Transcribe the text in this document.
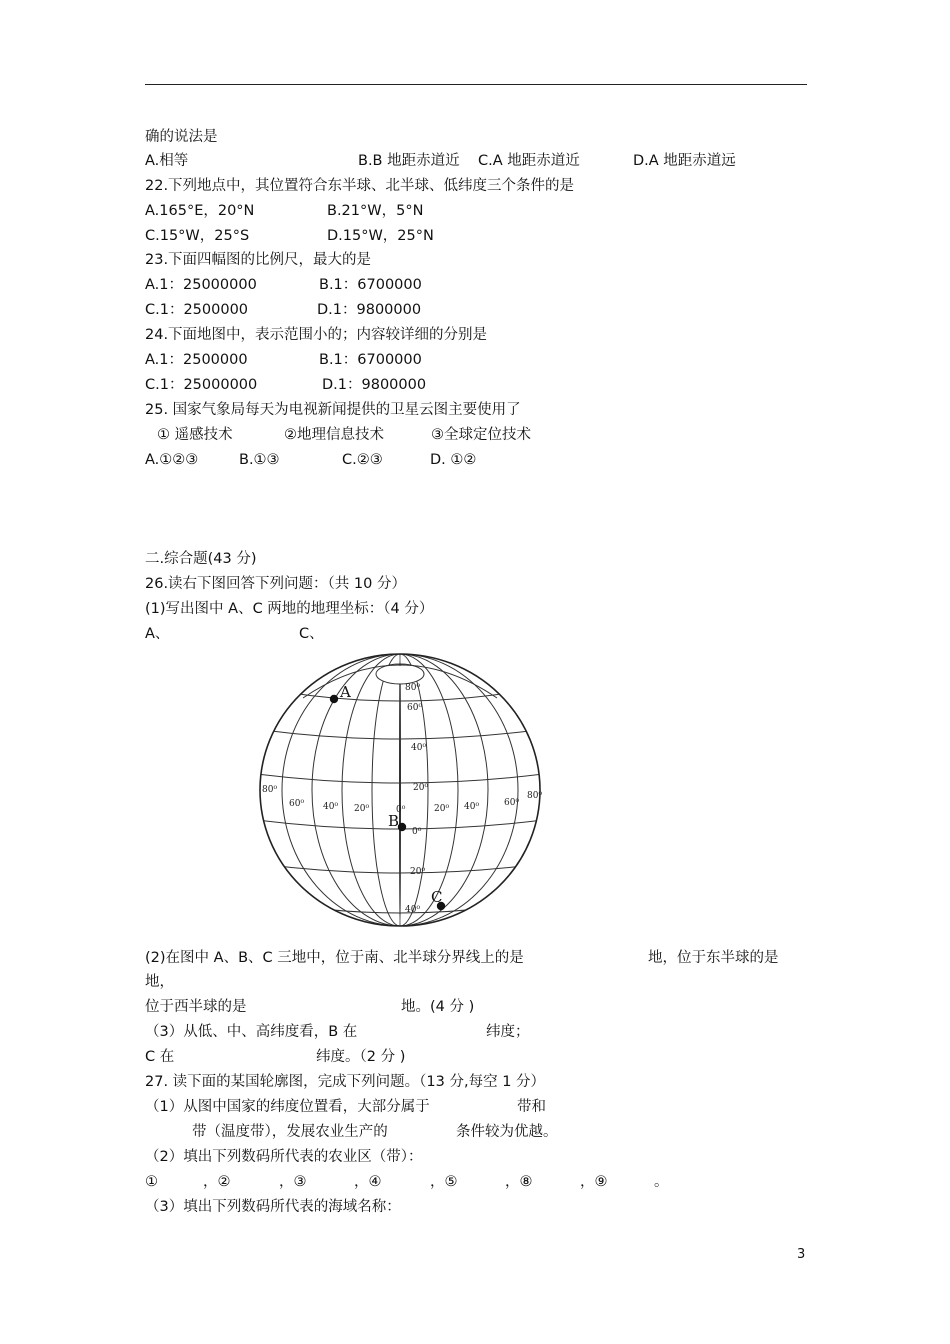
确的说法是
A.相等	B.B 地距赤道近 C.A 地距赤道近	D.A 地距赤道远
22.下列地点中，其位置符合东半球、北半球、低纬度三个条件的是
A.165°E，20°N	B.21°W，5°N
C.15°W，25°S	D.15°W，25°N
23.下面四幅图的比例尺，最大的是
A.1：25000000	B.1：6700000
C.1：2500000	D.1：9800000
24.下面地图中，表示范围小的；内容较详细的分别是
A.1：2500000	B.1：6700000
C.1：25000000	D.1：9800000
25. 国家气象局每天为电视新闻提供的卫星云图主要使用了
① 遥感技术	②地理信息技术	③全球定位技术
A.①②③	B.①③	C.②③	D. ①②
二.综合题(43 分)
26.读右下图回答下列问题：（共 10 分）
(1)写出图中 A、C 两地的地理坐标：（4 分）
A、	C、
80⁰
60⁰
40⁰
20⁰
0⁰
20⁰
40⁰
80⁰
60⁰ 40⁰ 20⁰	0⁰	20⁰ 40⁰	60⁰
80⁰
A
B
C
(2)在图中 A、B、C 三地中，位于南、北半球分界线上的是	地，位于东半球的是
地，
位于西半球的是	地。(4 分 )
（3）从低、中、高纬度看，B 在	纬度；
C 在	纬度。（2 分 )
27. 读下面的某国轮廓图，完成下列问题。（13 分,每空 1 分）
（1）从图中国家的纬度位置看，大部分属于	带和
带（温度带），发展农业生产的	条件较为优越。
（2）填出下列数码所代表的农业区（带）：
①	，②	，③	，④	，⑤	，⑧	，⑨	。
（3）填出下列数码所代表的海域名称：
3
